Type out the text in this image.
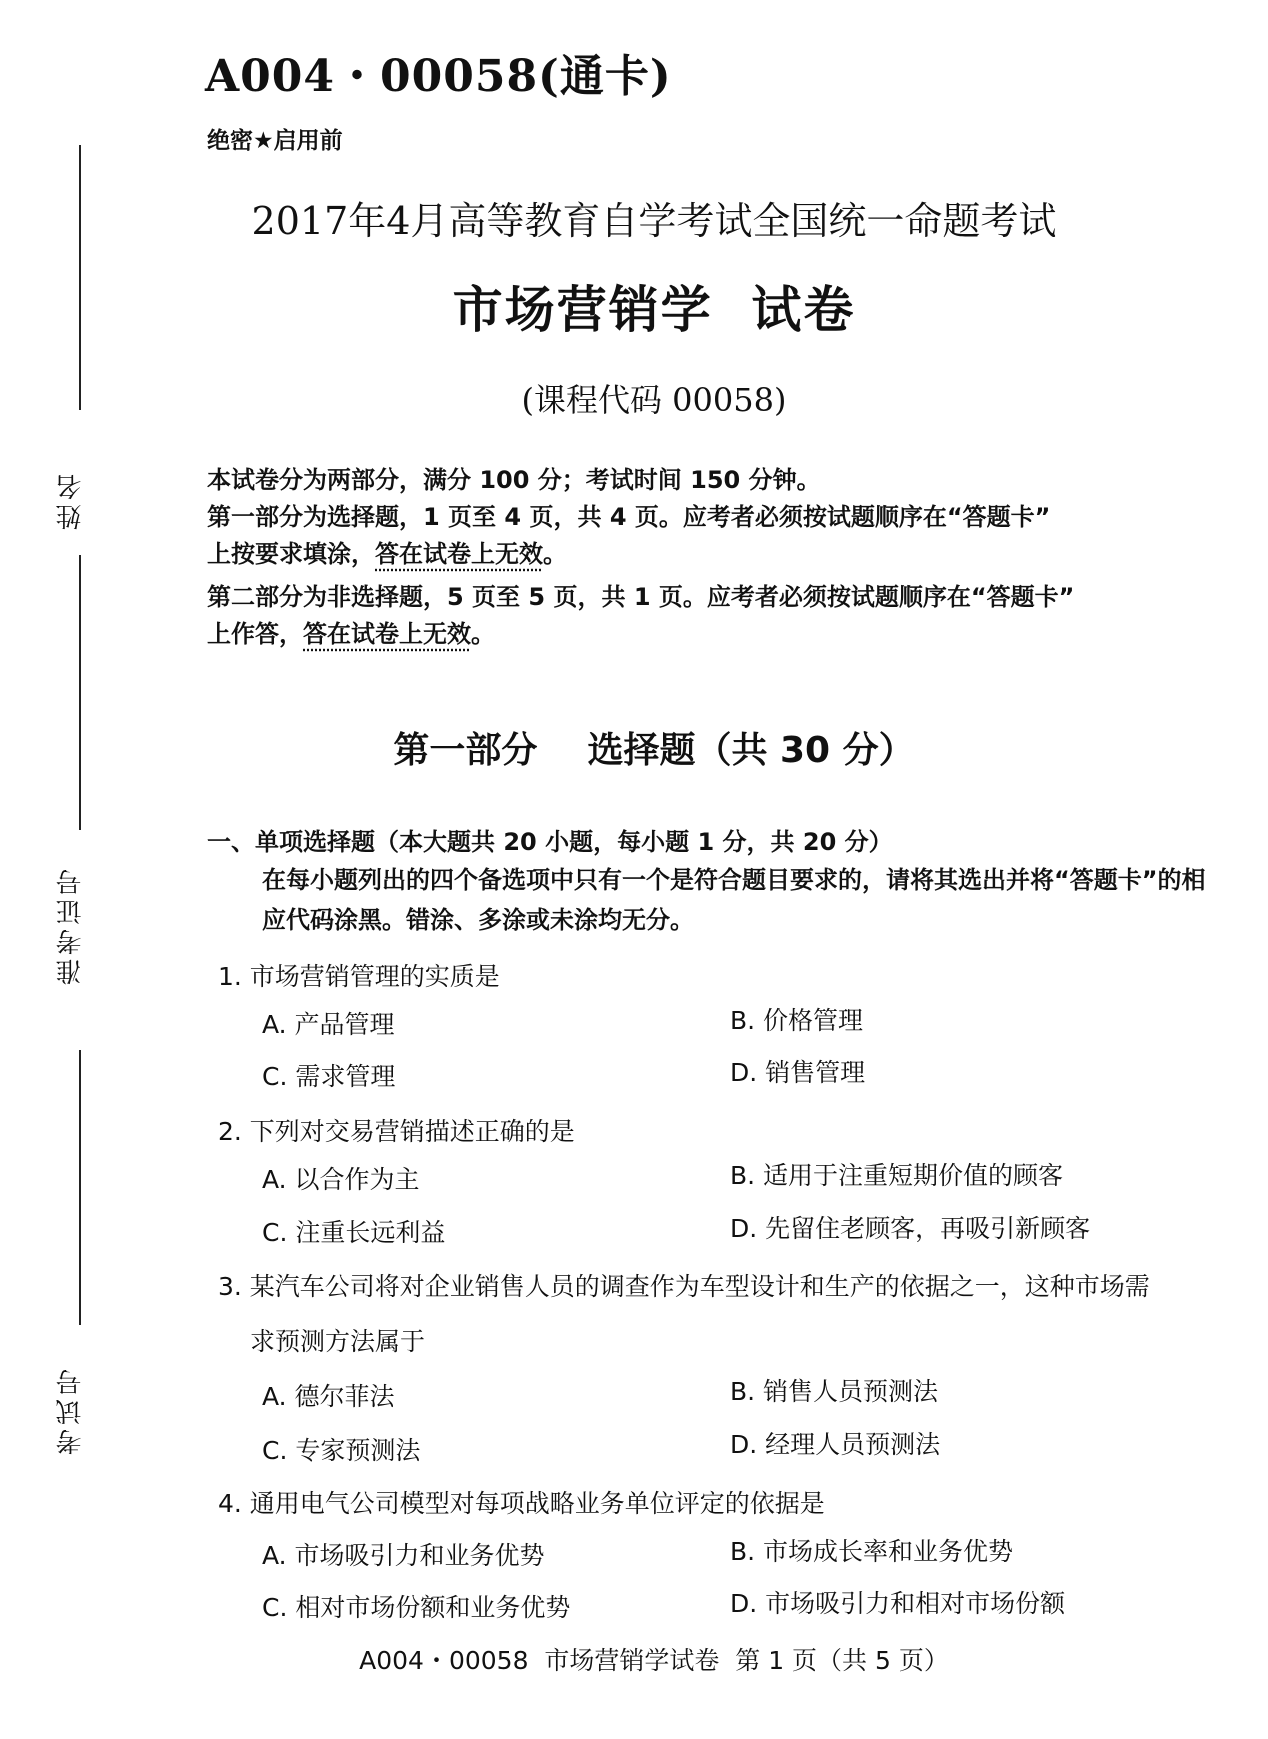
姓名
准考证号
考试号
A004・00058(通卡)
绝密★启用前
2017年4月高等教育自学考试全国统一命题考试
市场营销学  试卷
(课程代码 00058)

本试卷分为两部分，满分 100 分；考试时间 150 分钟。

第一部分为选择题，1 页至 4 页，共 4 页。应考者必须按试题顺序在“答题卡”

上按要求填涂，答在试卷上无效。

第二部分为非选择题，5 页至 5 页，共 1 页。应考者必须按试题顺序在“答题卡”

上作答，答在试卷上无效。

第一部分    选择题（共 30 分）
一、单项选择题（本大题共 20 小题，每小题 1 分，共 20 分）
在每小题列出的四个备选项中只有一个是符合题目要求的，请将其选出并将“答题卡”的相应代码涂黑。错涂、多涂或未涂均无分。
1. 市场营销管理的实质是
A. 产品管理	B. 价格管理
C. 需求管理	D. 销售管理
2. 下列对交易营销描述正确的是
A. 以合作为主	B. 适用于注重短期价值的顾客
C. 注重长远利益	D. 先留住老顾客，再吸引新顾客
3. 某汽车公司将对企业销售人员的调查作为车型设计和生产的依据之一，这种市场需
求预测方法属于
A. 德尔菲法	B. 销售人员预测法
C. 专家预测法	D. 经理人员预测法
4. 通用电气公司模型对每项战略业务单位评定的依据是
A. 市场吸引力和业务优势	B. 市场成长率和业务优势
C. 相对市场份额和业务优势	D. 市场吸引力和相对市场份额
A004・00058  市场营销学试卷  第 1 页（共 5 页）
